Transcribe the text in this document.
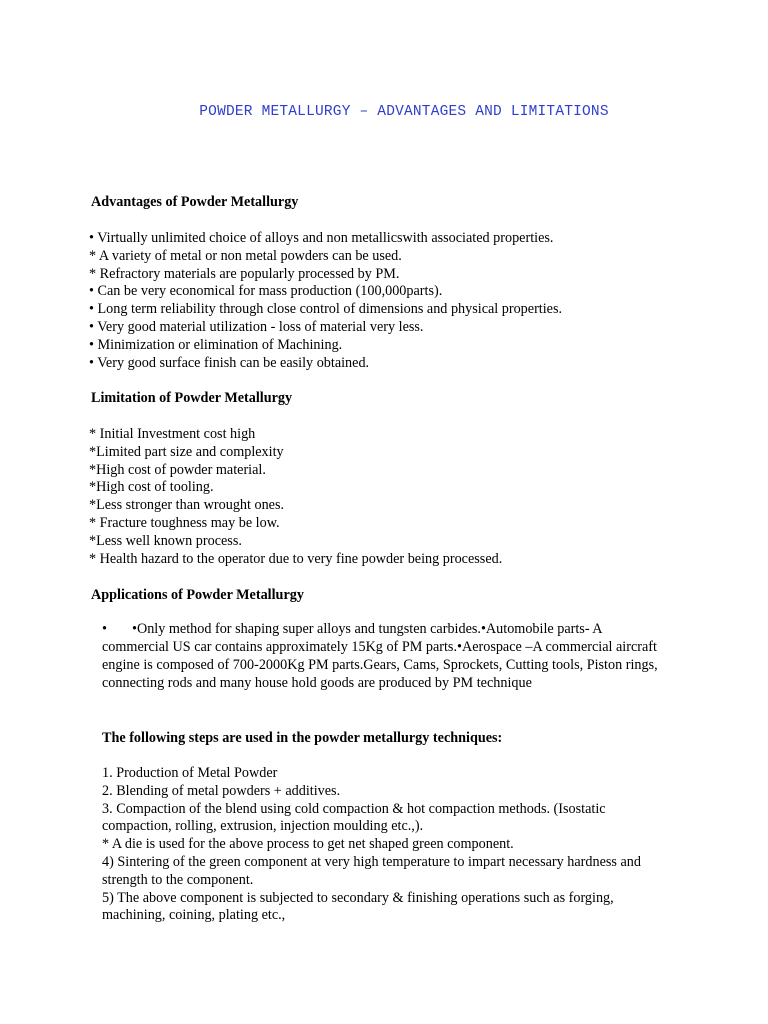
POWDER METALLURGY – ADVANTAGES AND LIMITATIONS
Advantages of Powder Metallurgy
• Virtually unlimited choice of alloys and non metallicswith associated properties.
* A variety of metal or non metal powders can be used.
* Refractory materials are popularly processed by PM.
• Can be very economical for mass production (100,000parts).
• Long term reliability through close control of dimensions and physical properties.
• Very good material utilization - loss of material very less.
• Minimization or elimination of Machining.
• Very good surface finish can be easily obtained.
Limitation of Powder Metallurgy
* Initial Investment cost high
*Limited part size and complexity
*High cost of powder material.
*High cost of tooling.
*Less stronger than wrought ones.
* Fracture toughness may be low.
*Less well known process.
* Health hazard to the operator due to very fine powder being processed.
Applications of Powder Metallurgy

• •Only method for shaping super alloys and tungsten carbides.•Automobile parts- A commercial US car contains approximately 15Kg of PM parts.•Aerospace –A commercial aircraft engine is composed of 700-2000Kg PM parts.Gears, Cams, Sprockets, Cutting tools, Piston rings, connecting rods and many house hold goods are produced by PM technique

The following steps are used in the powder metallurgy techniques:
1. Production of Metal Powder
2. Blending of metal powders + additives.
3. Compaction of the blend using cold compaction & hot compaction methods. (Isostatic
compaction, rolling, extrusion, injection moulding etc.,).
* A die is used for the above process to get net shaped green component.
4) Sintering of the green component at very high temperature to impart necessary hardness and
strength to the component.
5) The above component is subjected to secondary & finishing operations such as forging,
machining, coining, plating etc.,
